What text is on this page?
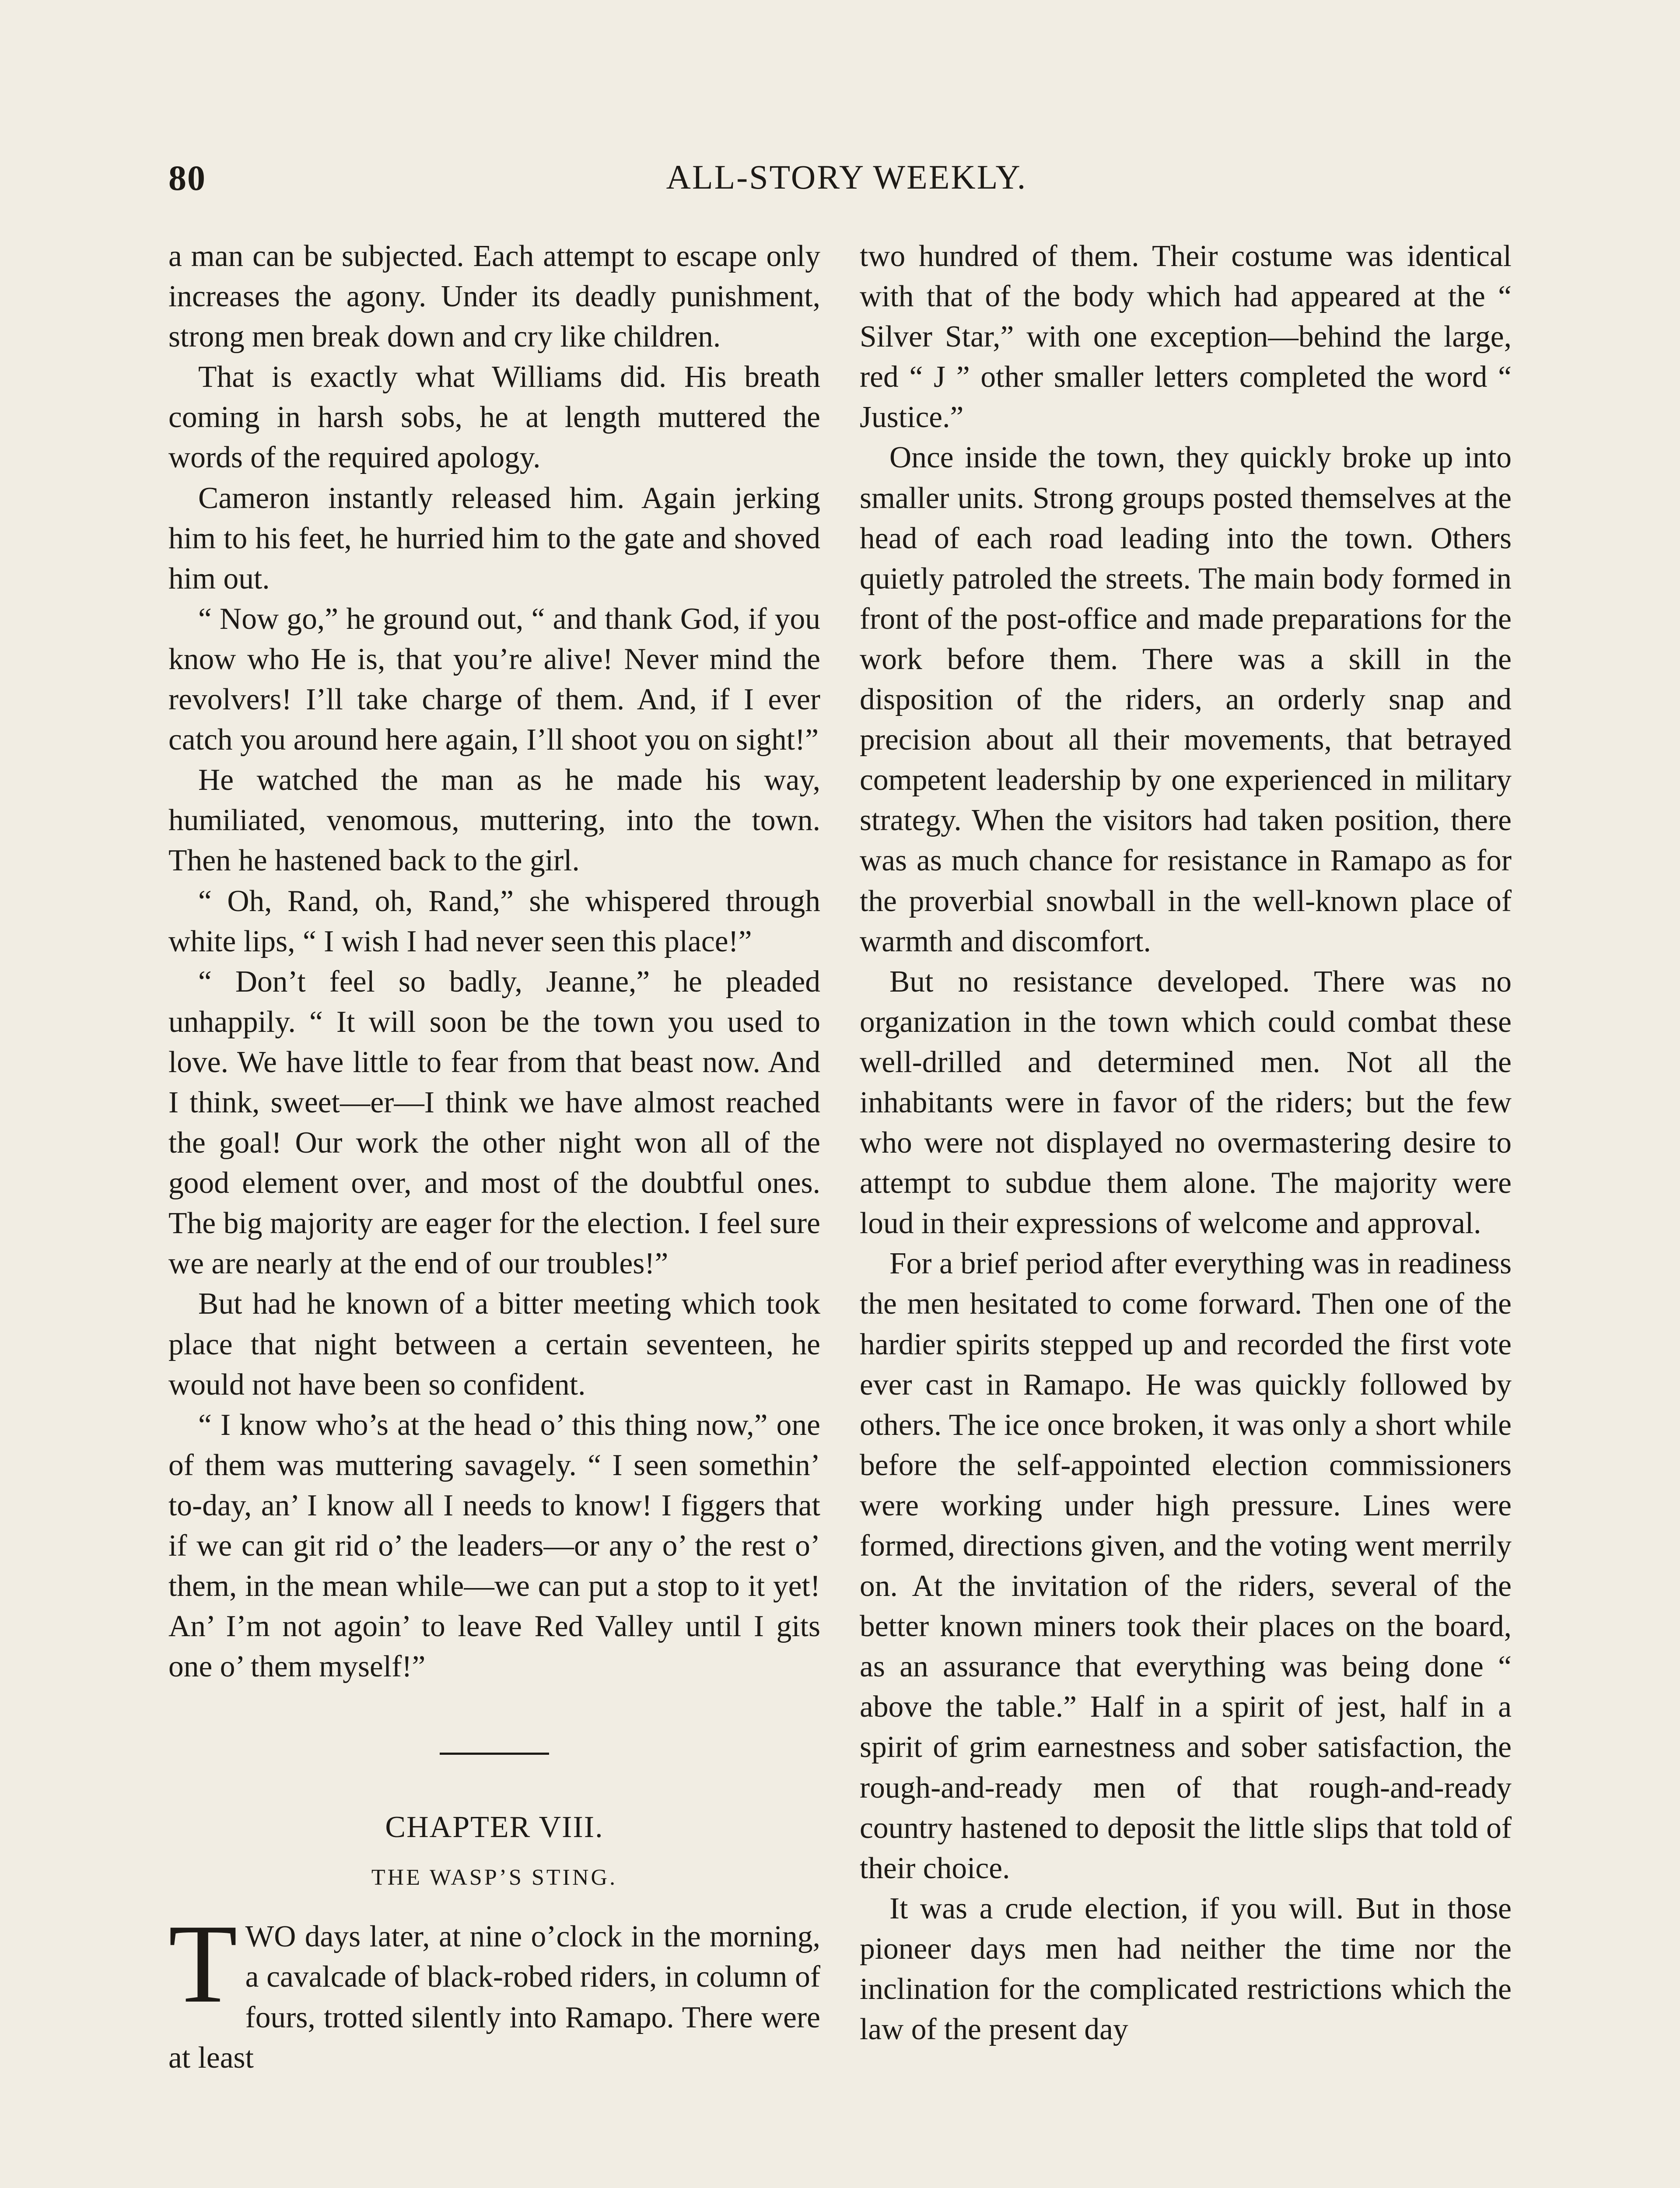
80	ALL-STORY WEEKLY.

a man can be subjected. Each attempt to escape only increases the agony. Under its deadly punishment, strong men break down and cry like children.

That is exactly what Williams did. His breath coming in harsh sobs, he at length muttered the words of the required apology.

Cameron instantly released him. Again jerking him to his feet, he hurried him to the gate and shoved him out.

“ Now go,” he ground out, “ and thank God, if you know who He is, that you’re alive! Never mind the revolvers! I’ll take charge of them. And, if I ever catch you around here again, I’ll shoot you on sight!”

He watched the man as he made his way, humiliated, venomous, muttering, into the town. Then he hastened back to the girl.

“ Oh, Rand, oh, Rand,” she whispered through white lips, “ I wish I had never seen this place!”

“ Don’t feel so badly, Jeanne,” he pleaded unhappily. “ It will soon be the town you used to love. We have little to fear from that beast now. And I think, sweet—er—I think we have almost reached the goal! Our work the other night won all of the good element over, and most of the doubtful ones. The big majority are eager for the election. I feel sure we are nearly at the end of our troubles!”

But had he known of a bitter meeting which took place that night between a certain seventeen, he would not have been so confident.

“ I know who’s at the head o’ this thing now,” one of them was muttering savagely. “ I seen somethin’ to-day, an’ I know all I needs to know! I figgers that if we can git rid o’ the leaders—or any o’ the rest o’ them, in the mean while—we can put a stop to it yet! An’ I’m not agoin’ to leave Red Valley until I gits one o’ them myself!”

CHAPTER VIII.
THE WASP’S STING.

TWO days later, at nine o’clock in the morning, a cavalcade of black-robed riders, in column of fours, trotted silently into Ramapo. There were at least

two hundred of them. Their costume was identical with that of the body which had appeared at the “ Silver Star,” with one exception—behind the large, red “ J ” other smaller letters completed the word “ Justice.”

Once inside the town, they quickly broke up into smaller units. Strong groups posted themselves at the head of each road leading into the town. Others quietly patroled the streets. The main body formed in front of the post-office and made preparations for the work before them. There was a skill in the disposition of the riders, an orderly snap and precision about all their movements, that betrayed competent leadership by one experienced in military strategy. When the visitors had taken position, there was as much chance for resistance in Ramapo as for the proverbial snowball in the well-known place of warmth and discomfort.

But no resistance developed. There was no organization in the town which could combat these well-drilled and determined men. Not all the inhabitants were in favor of the riders; but the few who were not displayed no overmastering desire to attempt to subdue them alone. The majority were loud in their expressions of welcome and approval.

For a brief period after everything was in readiness the men hesitated to come forward. Then one of the hardier spirits stepped up and recorded the first vote ever cast in Ramapo. He was quickly followed by others. The ice once broken, it was only a short while before the self-appointed election commissioners were working under high pressure. Lines were formed, directions given, and the voting went merrily on. At the invitation of the riders, several of the better known miners took their places on the board, as an assurance that everything was being done “ above the table.” Half in a spirit of jest, half in a spirit of grim earnestness and sober satisfaction, the rough-and-ready men of that rough-and-ready country hastened to deposit the little slips that told of their choice.

It was a crude election, if you will. But in those pioneer days men had neither the time nor the inclination for the complicated restrictions which the law of the present day
